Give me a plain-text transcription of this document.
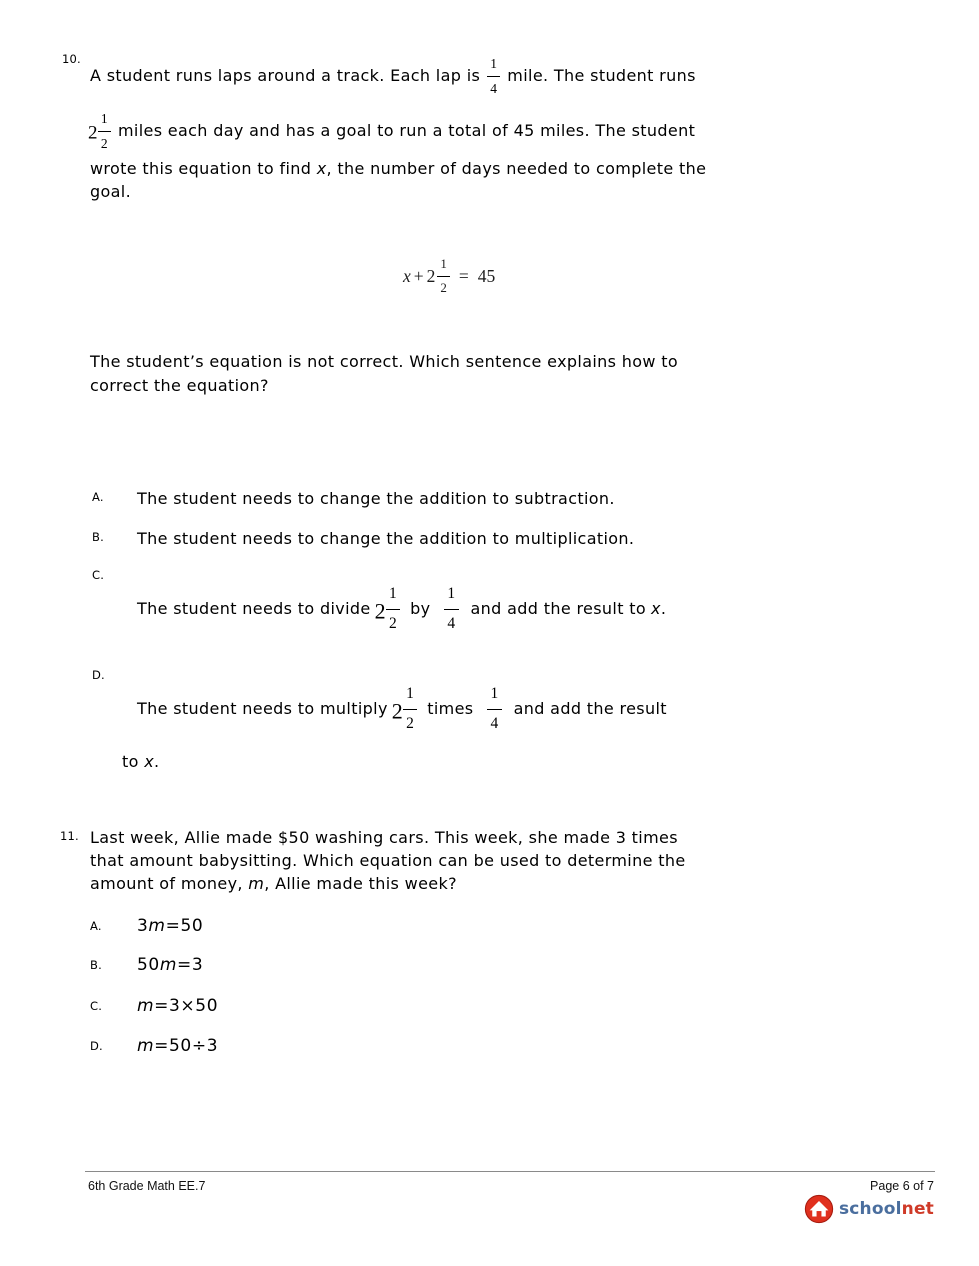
10.
A student runs laps around a track. Each lap is $\frac{1}{4}$ mile. The student runs
$2 \frac{1}{2}$ miles each day and has a goal to run a total of 45 miles. The student
wrote this equation to find x, the number of days needed to complete the
goal.
$x + 2 \frac{1}{2} = 45$
The student’s equation is not correct. Which sentence explains how to
correct the equation?
A. The student needs to change the addition to subtraction.
B. The student needs to change the addition to multiplication.
C.
The student needs to divide $2 \frac{1}{2}$ by $\frac{1}{4}$ and add the result to x .
D.
The student needs to multiply $2 \frac{1}{2}$ times $\frac{1}{4}$ and add the result
to x.
11. Last week, Allie made $50 washing cars. This week, she made 3 times
that amount babysitting. Which equation can be used to determine the
amount of money, m, Allie made this week?
A. 3m=50
B. 50m=3
C. m=3×50
D. m=50÷3
6th Grade Math EE.7	Page 6 of 7
schoolnet
